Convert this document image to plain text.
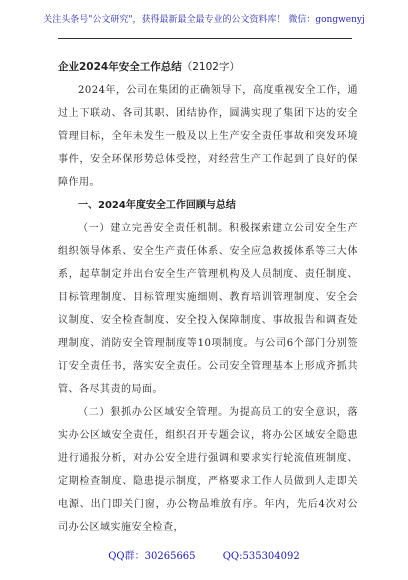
关注头条号"公文研究"，获得最新最全最专业的公文资料库！ 微信：gongwenyj

企业2024年安全工作总结（2102字）

2024年，公司在集团的正确领导下，高度重视安全工作，通过上下联动、各司其职、团结协作，圆满实现了集团下达的安全管理目标，全年未发生一般及以上生产安全责任事故和突发环境事件，安全环保形势总体受控，对经营生产工作起到了良好的保障作用。

一、2024年度安全工作回顾与总结

（一）建立完善安全责任机制。积极探索建立公司安全生产组织领导体系、安全生产责任体系、安全应急救援体系等三大体系，起草制定并出台安全生产管理机构及人员制度、责任制度、目标管理制度、目标管理实施细则、教育培训管理制度、安全会议制度、安全检查制度、安全投入保障制度、事故报告和调查处理制度、消防安全管理制度等10项制度。与公司6个部门分别签订安全责任书，落实安全责任。公司安全管理基本上形成齐抓共管、各尽其责的局面。

（二）狠抓办公区域安全管理。为提高员工的安全意识，落实办公区域安全责任，组织召开专题会议，将办公区域安全隐患进行通报分析，对办公安全进行强调和要求实行轮流值班制度、定期检查制度、隐患提示制度，严格要求工作人员做到人走即关电源、出门即关门窗，办公物品堆放有序。年内，先后4次对公司办公区域实施安全检查，

QQ群：30265665	QQ:535304092
